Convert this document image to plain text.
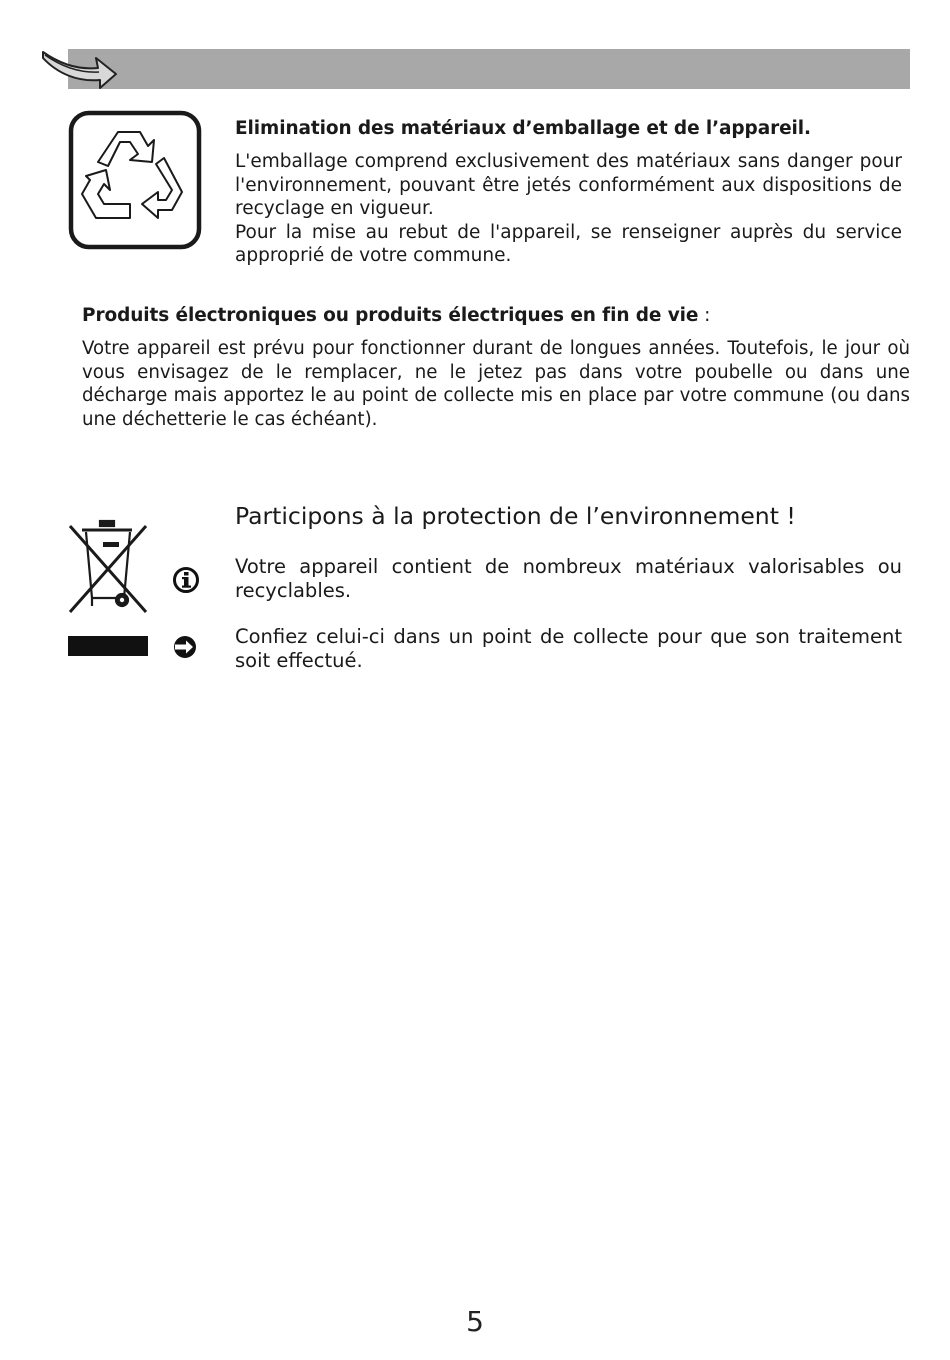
Elimination des matériaux d’emballage et de l’appareil.

L'emballage comprend exclusivement des matériaux sans danger pour l'environnement, pouvant être jetés conformément aux dispositions de recyclage en vigueur.

Pour la mise au rebut de l'appareil, se renseigner auprès du service approprié de votre commune.

Produits électroniques ou produits électriques en fin de vie :

Votre appareil est prévu pour fonctionner durant de longues années. Toutefois, le jour où vous envisagez de le remplacer, ne le jetez pas dans votre poubelle ou dans une décharge mais apportez le au point de collecte mis en place par votre commune (ou dans une déchetterie le cas échéant).

Participons à la protection de l’environnement !

Votre appareil contient de nombreux matériaux valorisables ou recyclables.

Confiez celui-ci dans un point de collecte pour que son traitement soit effectué.

5
